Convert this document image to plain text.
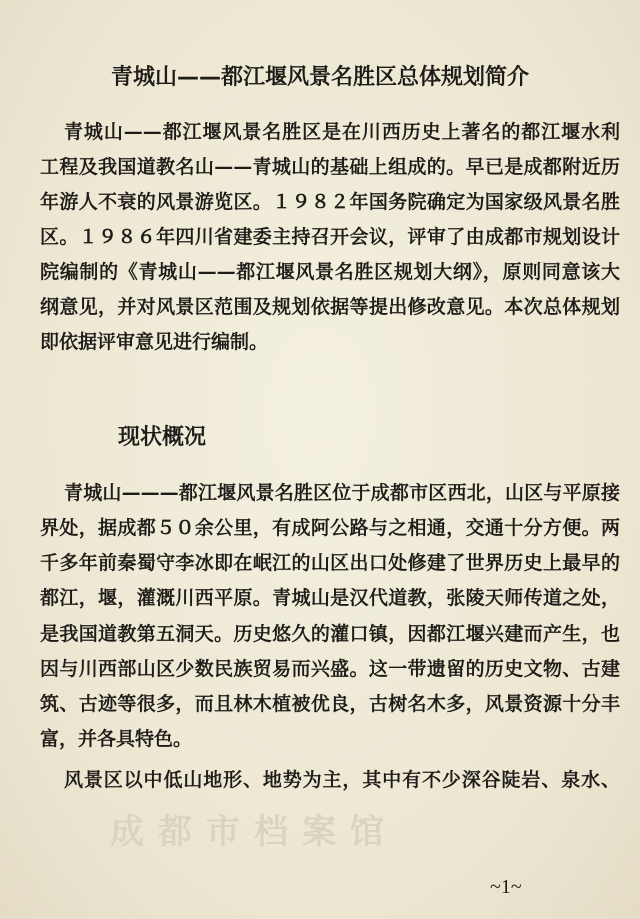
青城山——都江堰风景名胜区总体规划简介
青城山——都江堰风景名胜区是在川西历史上著名的都江堰水利
工程及我国道教名山——青城山的基础上组成的。早已是成都附近历
年游人不衰的风景游览区。１９８２年国务院确定为国家级风景名胜
区。１９８６年四川省建委主持召开会议，评审了由成都市规划设计
院编制的《青城山——都江堰风景名胜区规划大纲》，原则同意该大
纲意见，并对风景区范围及规划依据等提出修改意见。本次总体规划
即依据评审意见进行编制。
现状概况
青城山———都江堰风景名胜区位于成都市区西北，山区与平原接
界处，据成都５０余公里，有成阿公路与之相通，交通十分方便。两
千多年前秦蜀守李冰即在岷江的山区出口处修建了世界历史上最早的
都江，堰，灌溉川西平原。青城山是汉代道教，张陵天师传道之处，
是我国道教第五洞天。历史悠久的灌口镇，因都江堰兴建而产生，也
因与川西部山区少数民族贸易而兴盛。这一带遗留的历史文物、古建
筑、古迹等很多，而且林木植被优良，古树名木多，风景资源十分丰
富，并各具特色。
风景区以中低山地形、地势为主，其中有不少深谷陡岩、泉水、
成都市档案馆
~1~
